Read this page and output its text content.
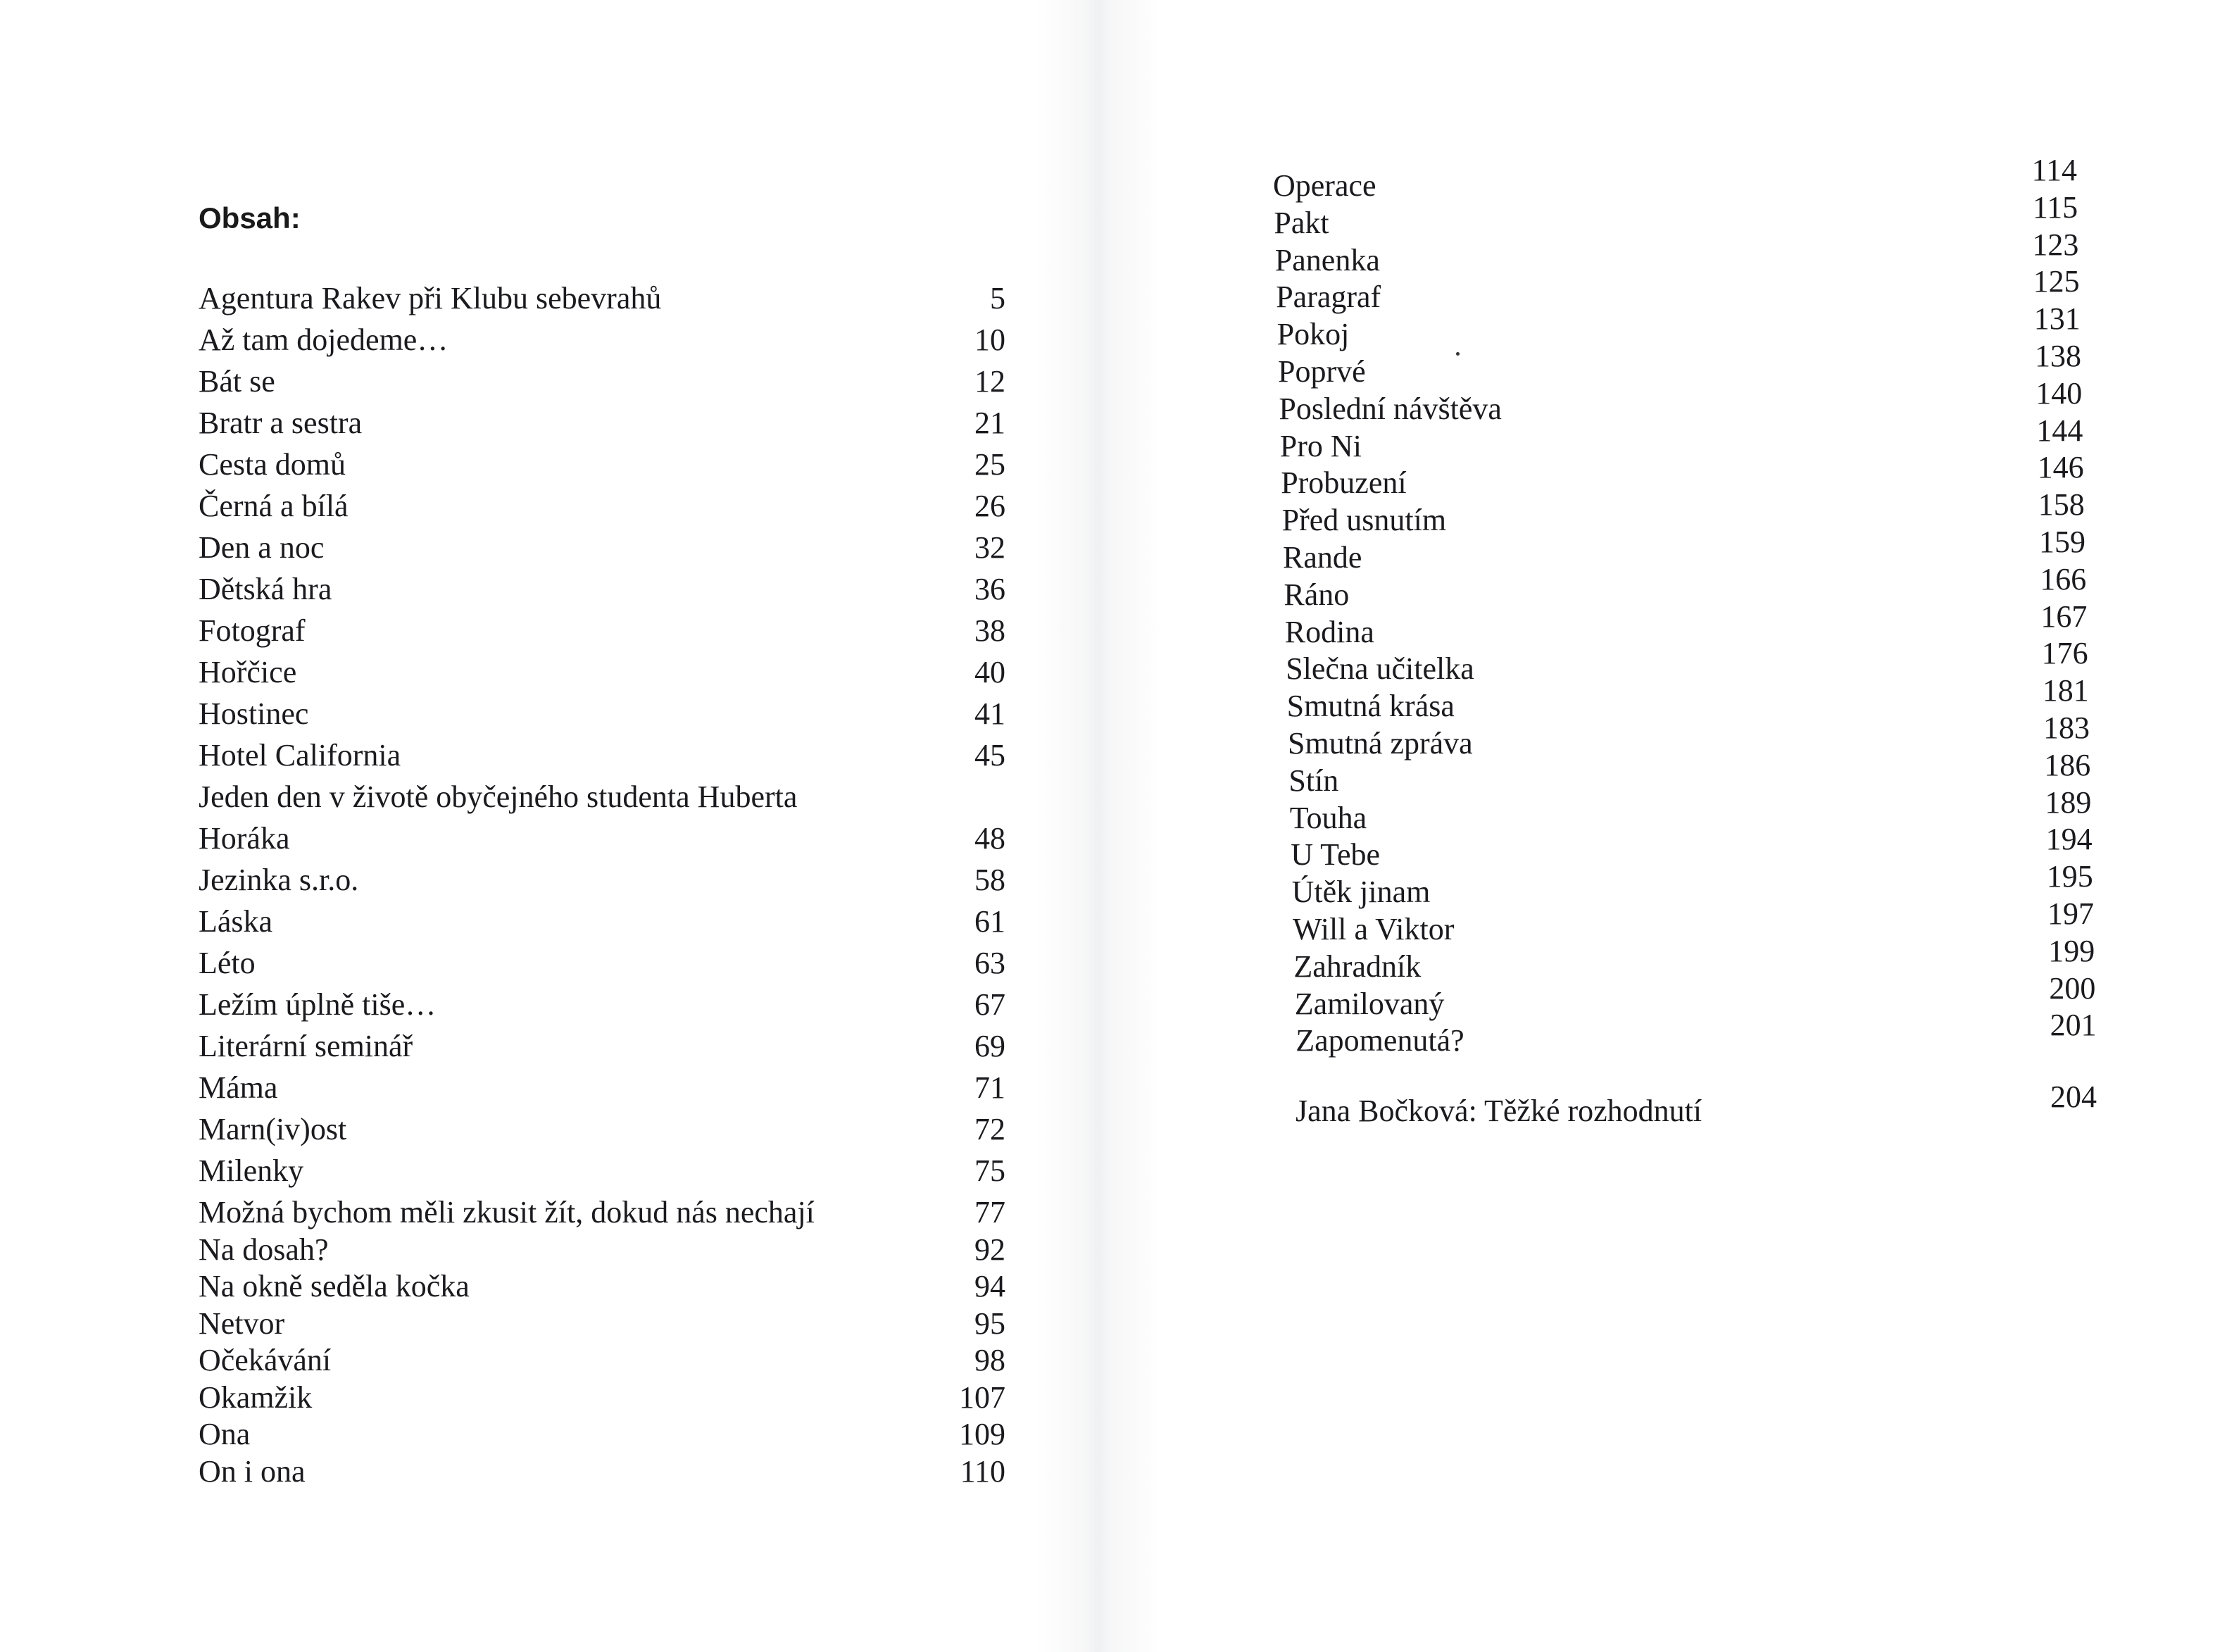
Obsah:
Agentura Rakev při Klubu sebevrahů	5
Až tam dojedeme…	10
Bát se	12
Bratr a sestra	21
Cesta domů	25
Černá a bílá	26
Den a noc	32
Dětská hra	36
Fotograf	38
Hořčice	40
Hostinec	41
Hotel California	45
Jeden den v životě obyčejného studenta Huberta
Horáka	48
Jezinka s.r.o.	58
Láska	61
Léto	63
Ležím úplně tiše…	67
Literární seminář	69
Máma	71
Marn(iv)ost	72
Milenky	75
Možná bychom měli zkusit žít, dokud nás nechají	77
Na dosah?	92
Na okně seděla kočka	94
Netvor	95
Očekávání	98
Okamžik	107
Ona	109
On i ona	110
Operace	114
Pakt	115
Panenka	123
Paragraf	125
Pokoj	131
Poprvé	138
Poslední návštěva	140
Pro Ni	144
Probuzení	146
Před usnutím	158
Rande	159
Ráno	166
Rodina	167
Slečna učitelka	176
Smutná krása	181
Smutná zpráva	183
Stín	186
Touha	189
U Tebe	194
Útěk jinam	195
Will a Viktor	197
Zahradník	199
Zamilovaný	200
Zapomenutá?	201
Jana Bočková: Těžké rozhodnutí	204
